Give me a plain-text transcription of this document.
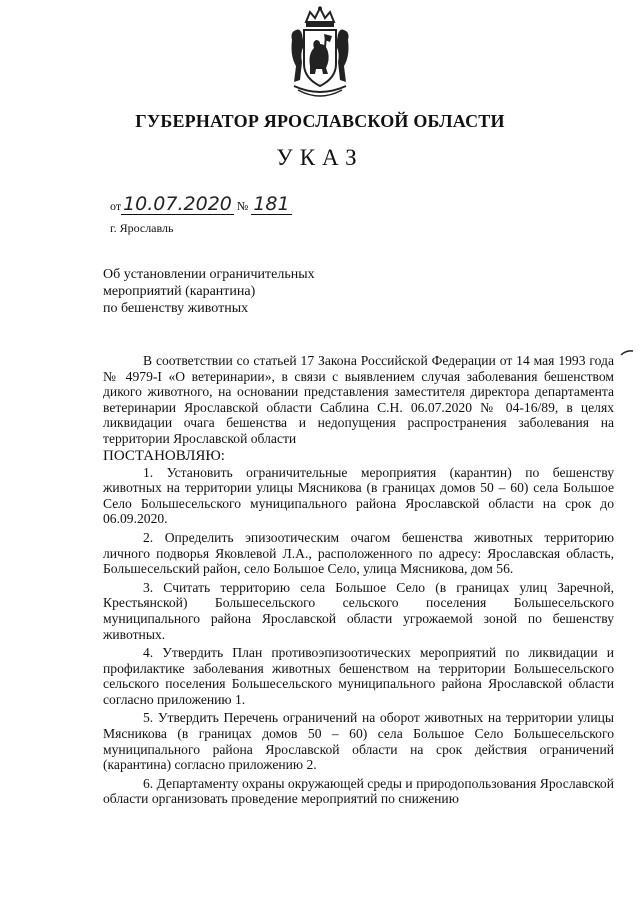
ГУБЕРНАТОР ЯРОСЛАВСКОЙ ОБЛАСТИ
УКАЗ
от 10.07.2020 № 181
г. Ярославль
Об установлении ограничительных
мероприятий (карантина)
по бешенству животных

В соответствии со статьей 17 Закона Российской Федерации от 14 мая 1993 года № 4979-I «О ветеринарии», в связи с выявлением случая заболевания бешенством дикого животного, на основании представления заместителя директора департамента ветеринарии Ярославской области Саблина С.Н. 06.07.2020 № 04-16/89, в целях ликвидации очага бешенства и недопущения распространения заболевания на территории Ярославской области

ПОСТАНОВЛЯЮ:

1. Установить ограничительные мероприятия (карантин) по бешенству животных на территории улицы Мясникова (в границах домов 50 – 60) села Большое Село Большесельского муниципального района Ярославской области на срок до 06.09.2020.

2. Определить эпизоотическим очагом бешенства животных территорию личного подворья Яковлевой Л.А., расположенного по адресу: Ярославская область, Большесельский район, село Большое Село, улица Мясникова, дом 56.

3. Считать территорию села Большое Село (в границах улиц Заречной, Крестьянской) Большесельского сельского поселения Большесельского муниципального района Ярославской области угрожаемой зоной по бешенству животных.

4. Утвердить План противоэпизоотических мероприятий по ликвидации и профилактике заболевания животных бешенством на территории Большесельского сельского поселения Большесельского муниципального района Ярославской области согласно приложению 1.

5. Утвердить Перечень ограничений на оборот животных на территории улицы Мясникова (в границах домов 50 – 60) села Большое Село Большесельского муниципального района Ярославской области на срок действия ограничений (карантина) согласно приложению 2.

6. Департаменту охраны окружающей среды и природопользования Ярославской области организовать проведение мероприятий по снижению
